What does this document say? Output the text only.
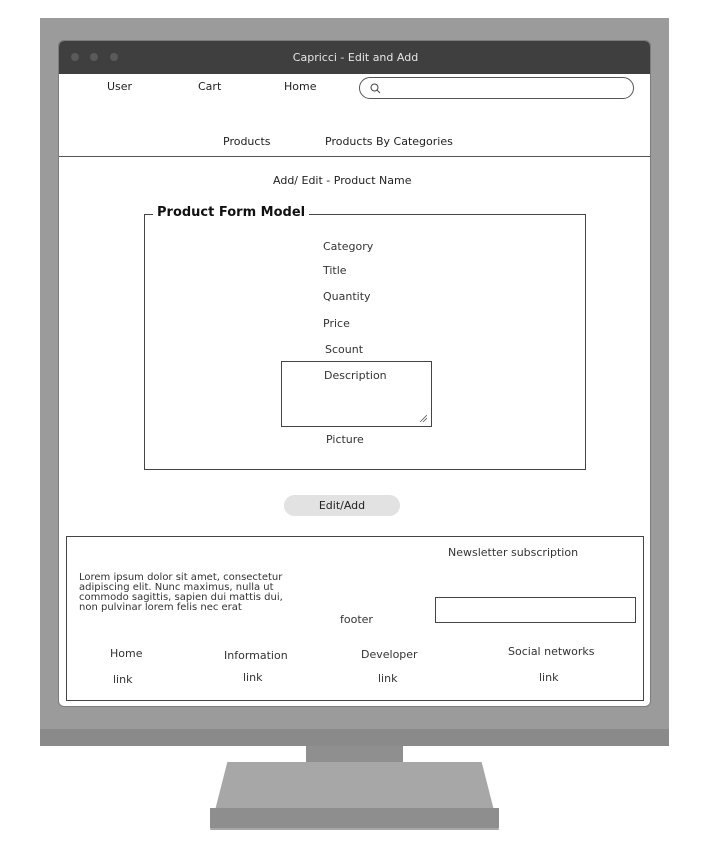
Capricci - Edit and Add
User	Cart	Home
Products	Products By Categories
Add/ Edit - Product Name
Product Form Model
Category
Title
Quantity
Price
Scount
Description
Picture
Edit/Add
Newsletter subscription
Lorem ipsum dolor sit amet, consectetur adipiscing elit. Nunc maximus, nulla ut commodo sagittis, sapien dui mattis dui, non pulvinar lorem felis nec erat
footer
Home	Information	Developer	Social networks
link	link	link	link
